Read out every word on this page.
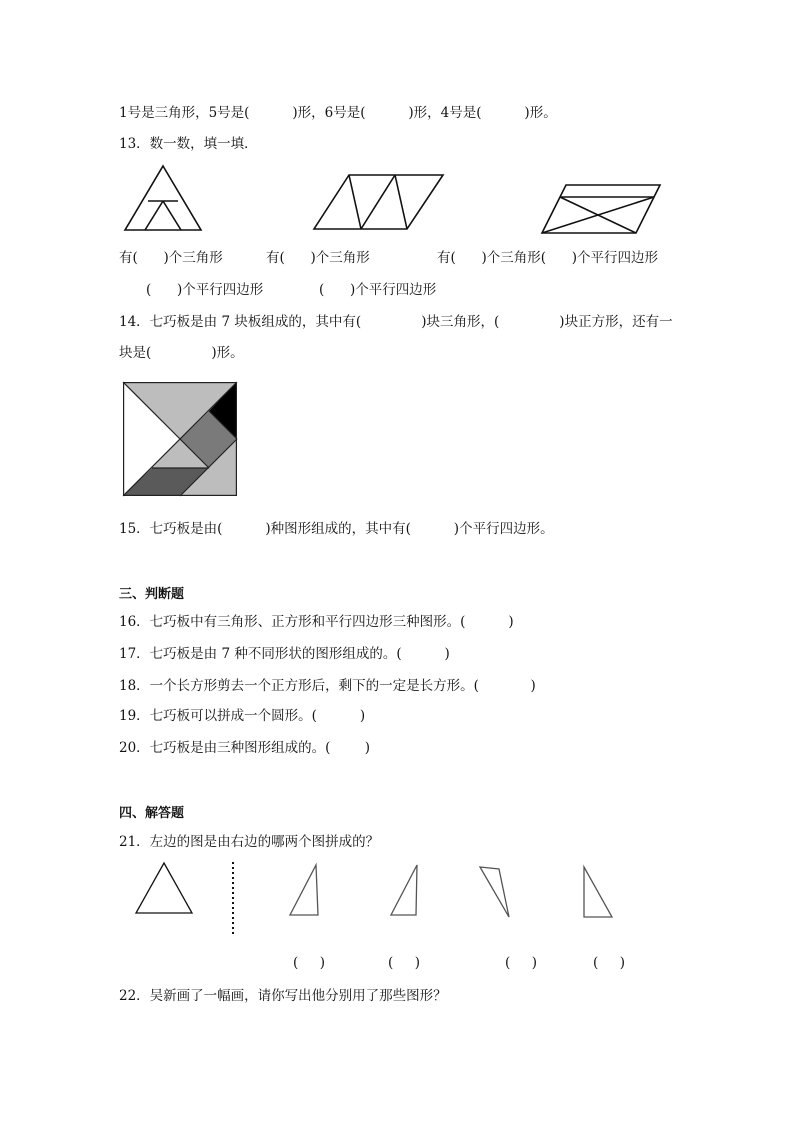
1号是三角形，5号是(          )形，6号是(          )形，4号是(          )形。
13．数一数，填一填．
有(      )个三角形	有(      )个三角形	有(      )个三角形(      )个平行四边形
(      )个平行四边形	(      )个平行四边形
14．七巧板是由 7 块板组成的，其中有(              )块三角形，(              )块正方形，还有一
块是(              )形。
15．七巧板是由(          )种图形组成的，其中有(          )个平行四边形。
三、判断题
16．七巧板中有三角形、正方形和平行四边形三种图形。(          )
17．七巧板是由 7 种不同形状的图形组成的。(          )
18．一个长方形剪去一个正方形后，剩下的一定是长方形。(            )
19．七巧板可以拼成一个圆形。(          )
20．七巧板是由三种图形组成的。(        )
四、解答题
21．左边的图是由右边的哪两个图拼成的？
(     )	(     )	(     )	(     )
22．吴新画了一幅画，请你写出他分别用了那些图形？
